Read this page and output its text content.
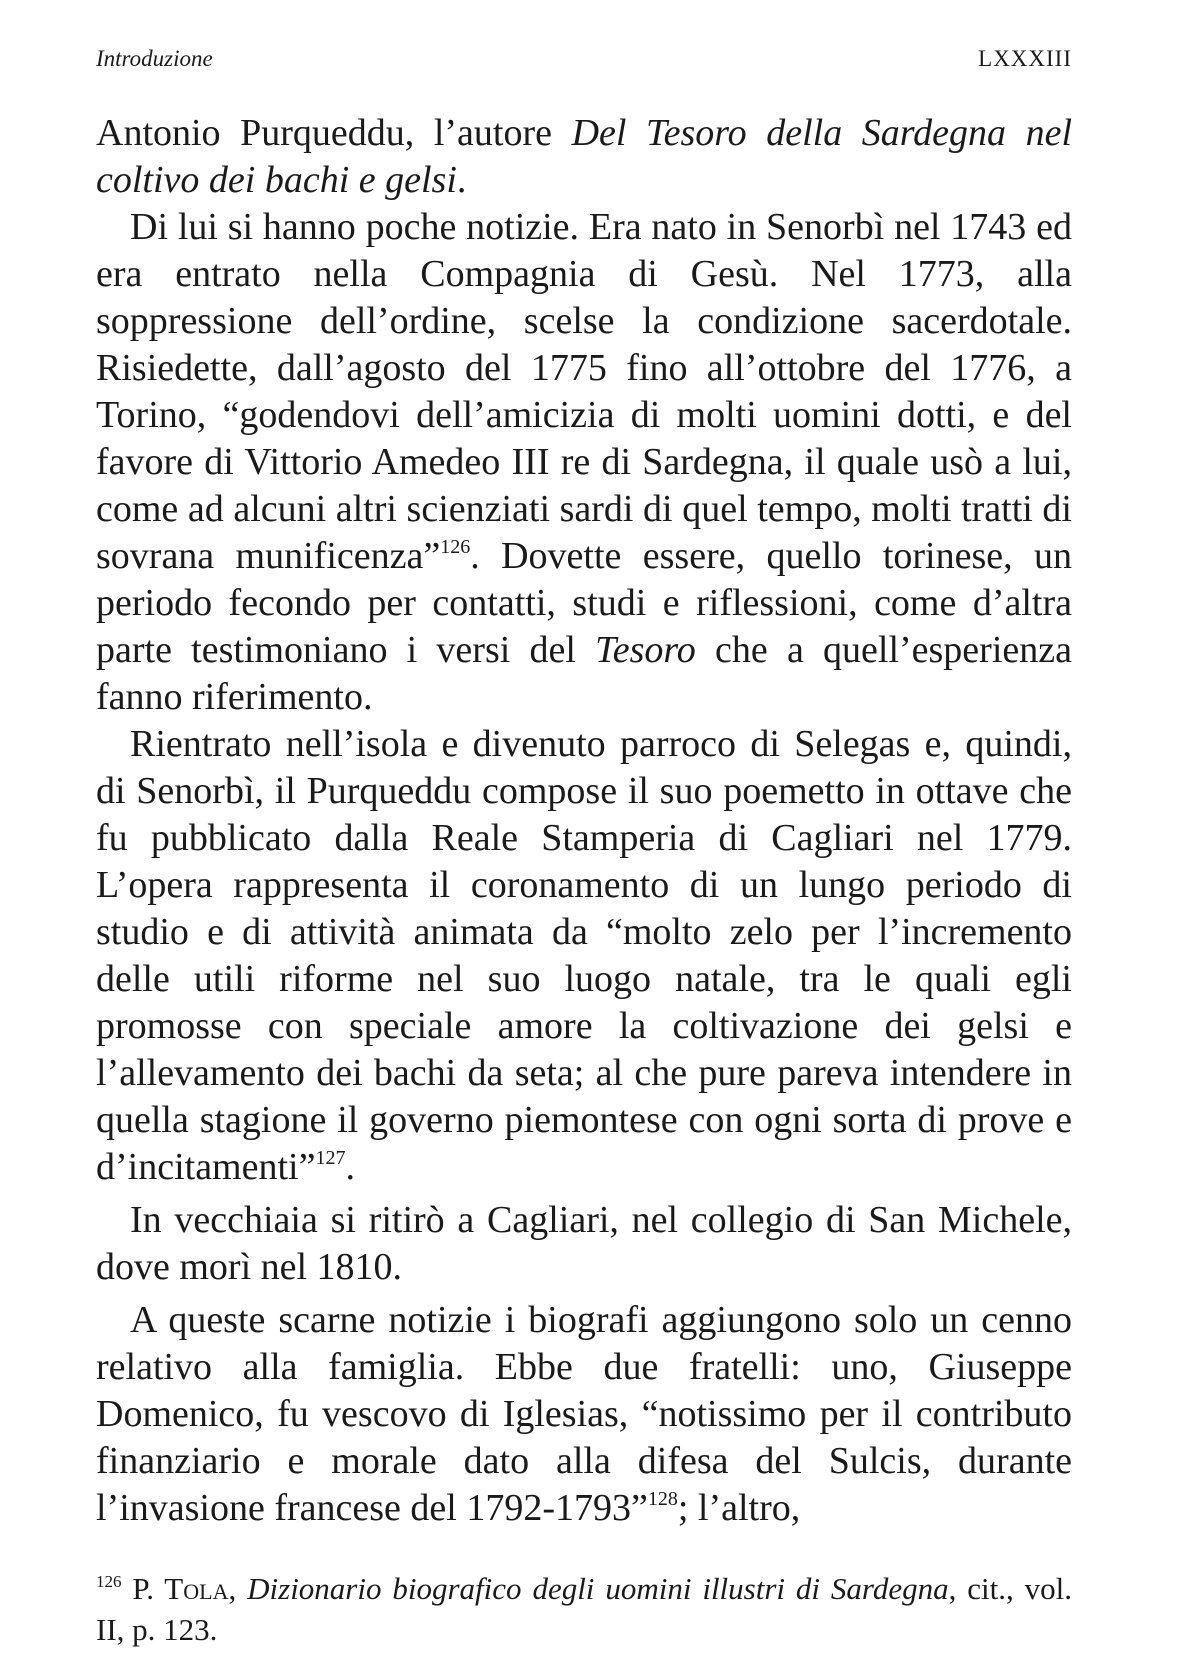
Introduzione	LXXXIII

Antonio Purqueddu, l’autore Del Tesoro della Sardegna nel coltivo dei bachi e gelsi.

Di lui si hanno poche notizie. Era nato in Senorbì nel 1743 ed era entrato nella Compagnia di Gesù. Nel 1773, alla soppressione dell’ordine, scelse la condizione sacerdotale. Risiedette, dall’agosto del 1775 fino all’ottobre del 1776, a Torino, “godendovi dell’amicizia di molti uomini dotti, e del favore di Vittorio Amedeo III re di Sardegna, il quale usò a lui, come ad alcuni altri scienziati sardi di quel tempo, molti tratti di sovrana munificenza”$^{126}$. Dovette essere, quello torinese, un periodo fecondo per contatti, studi e riflessioni, come d’altra parte testimoniano i versi del Tesoro che a quell’esperienza fanno riferimento.

Rientrato nell’isola e divenuto parroco di Selegas e, quindi, di Senorbì, il Purqueddu compose il suo poemetto in ottave che fu pubblicato dalla Reale Stamperia di Cagliari nel 1779. L’opera rappresenta il coronamento di un lungo periodo di studio e di attività animata da “molto zelo per l’incremento delle utili riforme nel suo luogo natale, tra le quali egli promosse con speciale amore la coltivazione dei gelsi e l’allevamento dei bachi da seta; al che pure pareva intendere in quella stagione il governo piemontese con ogni sorta di prove e d’incitamenti”$^{127}$.

In vecchiaia si ritirò a Cagliari, nel collegio di San Michele, dove morì nel 1810.

A queste scarne notizie i biografi aggiungono solo un cenno relativo alla famiglia. Ebbe due fratelli: uno, Giuseppe Domenico, fu vescovo di Iglesias, “notissimo per il contributo finanziario e morale dato alla difesa del Sulcis, durante l’invasione francese del 1792-1793”$^{128}$; l’altro,

$^{126}$ P. Tola, Dizionario biografico degli uomini illustri di Sardegna, cit., vol. II, p. 123.
